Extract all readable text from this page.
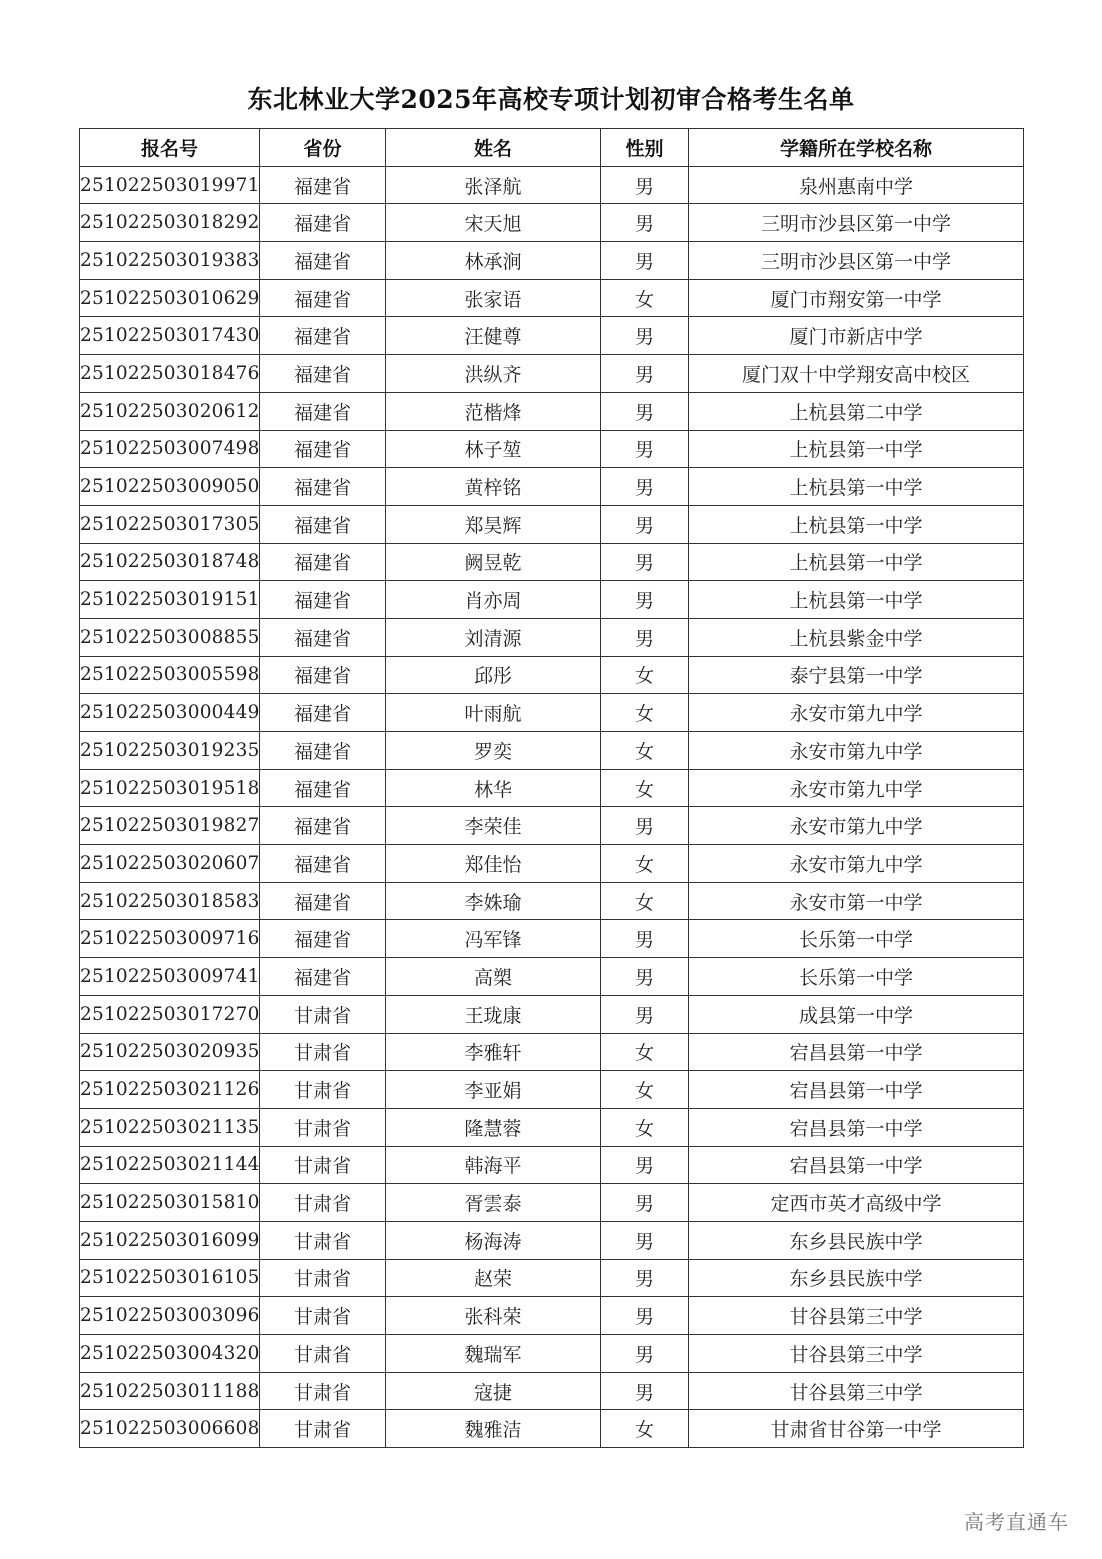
东北林业大学2025年高校专项计划初审合格考生名单
报名号	省份	姓名	性别	学籍所在学校名称
251022503019971	福建省	张泽航	男	泉州惠南中学
251022503018292	福建省	宋天旭	男	三明市沙县区第一中学
251022503019383	福建省	林承涧	男	三明市沙县区第一中学
251022503010629	福建省	张家语	女	厦门市翔安第一中学
251022503017430	福建省	汪健尊	男	厦门市新店中学
251022503018476	福建省	洪纵齐	男	厦门双十中学翔安高中校区
251022503020612	福建省	范楷烽	男	上杭县第二中学
251022503007498	福建省	林子堃	男	上杭县第一中学
251022503009050	福建省	黄梓铭	男	上杭县第一中学
251022503017305	福建省	郑昊辉	男	上杭县第一中学
251022503018748	福建省	阙昱乾	男	上杭县第一中学
251022503019151	福建省	肖亦周	男	上杭县第一中学
251022503008855	福建省	刘清源	男	上杭县紫金中学
251022503005598	福建省	邱彤	女	泰宁县第一中学
251022503000449	福建省	叶雨航	女	永安市第九中学
251022503019235	福建省	罗奕	女	永安市第九中学
251022503019518	福建省	林华	女	永安市第九中学
251022503019827	福建省	李荣佳	男	永安市第九中学
251022503020607	福建省	郑佳怡	女	永安市第九中学
251022503018583	福建省	李姝瑜	女	永安市第一中学
251022503009716	福建省	冯军锋	男	长乐第一中学
251022503009741	福建省	高槊	男	长乐第一中学
251022503017270	甘肃省	王珑康	男	成县第一中学
251022503020935	甘肃省	李雅轩	女	宕昌县第一中学
251022503021126	甘肃省	李亚娟	女	宕昌县第一中学
251022503021135	甘肃省	隆慧蓉	女	宕昌县第一中学
251022503021144	甘肃省	韩海平	男	宕昌县第一中学
251022503015810	甘肃省	胥雲泰	男	定西市英才高级中学
251022503016099	甘肃省	杨海涛	男	东乡县民族中学
251022503016105	甘肃省	赵荣	男	东乡县民族中学
251022503003096	甘肃省	张科荣	男	甘谷县第三中学
251022503004320	甘肃省	魏瑞军	男	甘谷县第三中学
251022503011188	甘肃省	寇捷	男	甘谷县第三中学
251022503006608	甘肃省	魏雅洁	女	甘肃省甘谷第一中学
高考直通车
